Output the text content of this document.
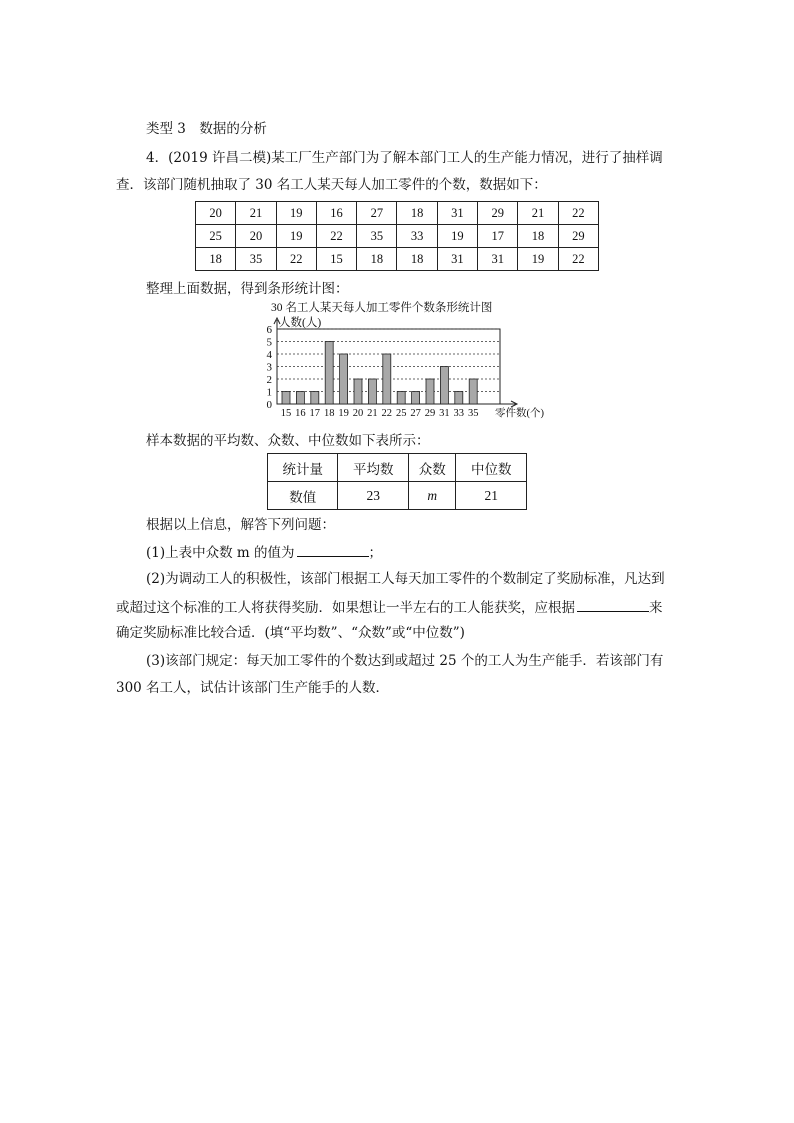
类型 3　数据的分析
4．(2019 许昌二模)某工厂生产部门为了解本部门工人的生产能力情况，进行了抽样调
查．该部门随机抽取了 30 名工人某天每人加工零件的个数，数据如下：
20	21	19	16	27	18	31	29	21	22
25	20	19	22	35	33	19	17	18	29
18	35	22	15	18	18	31	31	19	22
整理上面数据，得到条形统计图：
0
1
2
3
4
5
6
15 16 17 18 19 20 21 22 25 27 29 31 33 35
30 名工人某天每人加工零件个数条形统计图
人数(人)
零件数(个)
样本数据的平均数、众数、中位数如下表所示：
统计量	平均数	众数	中位数
数值	23	m	21
根据以上信息，解答下列问题：
(1)上表中众数 m 的值为	；
(2)为调动工人的积极性，该部门根据工人每天加工零件的个数制定了奖励标准，凡达到
或超过这个标准的工人将获得奖励．如果想让一半左右的工人能获奖，应根据	来
确定奖励标准比较合适．(填“平均数”、“众数”或“中位数”)
(3)该部门规定：每天加工零件的个数达到或超过 25 个的工人为生产能手．若该部门有
300 名工人，试估计该部门生产能手的人数．
